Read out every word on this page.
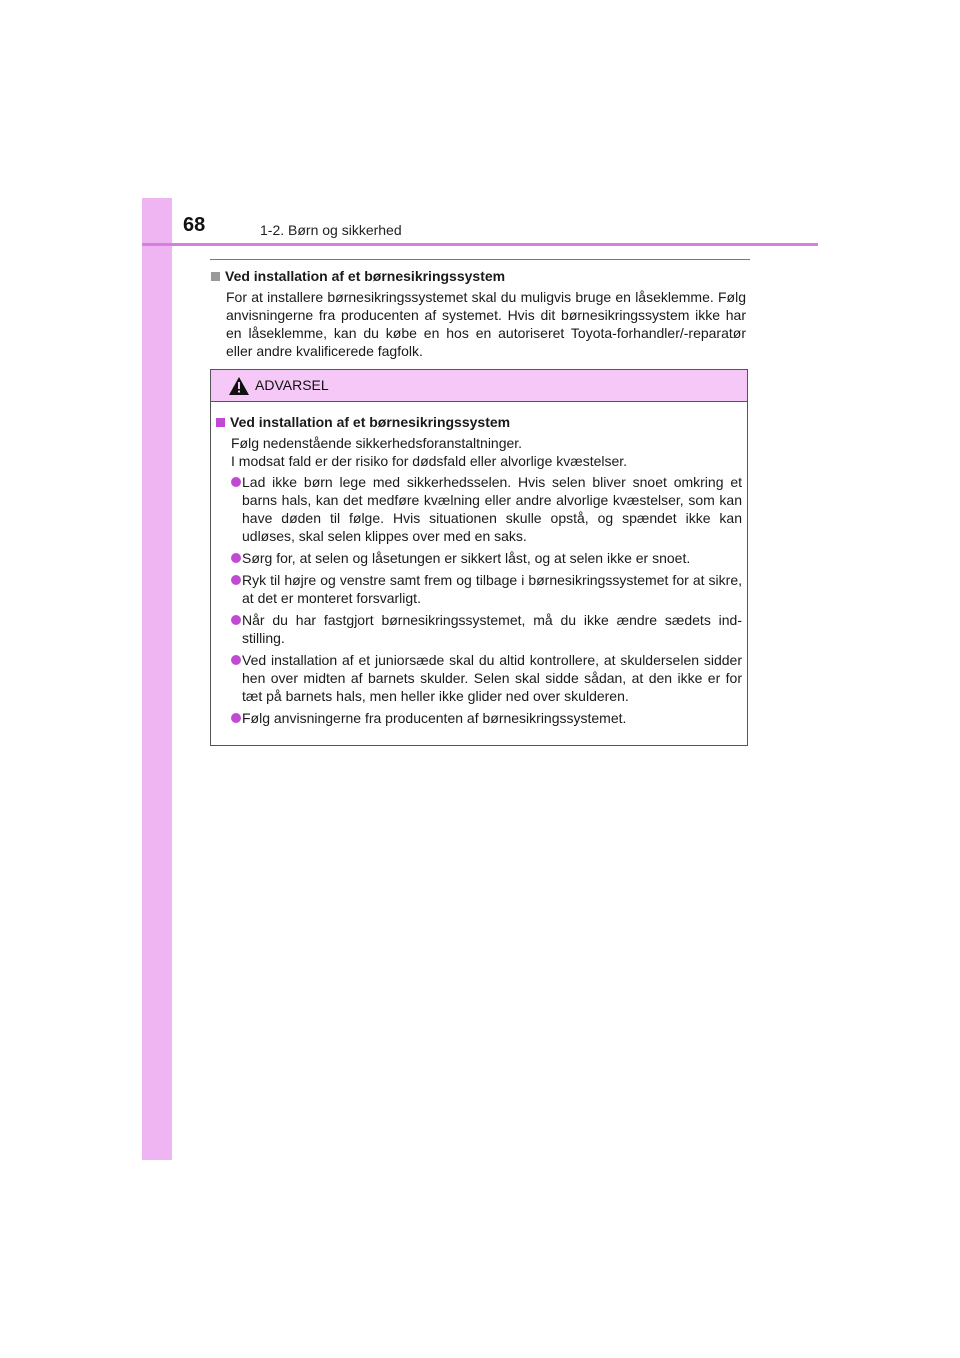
68	1-2. Børn og sikkerhed

Ved installation af et børnesikringssystem

For at installere børnesikringssystemet skal du muligvis bruge en låseklemme. Følg anvisningerne fra producenten af systemet. Hvis dit børnesikringssystem ikke har en låseklemme, kan du købe en hos en autoriseret Toyota-forhandler/-reparatør eller andre kvalificerede fagfolk.

ADVARSEL

Ved installation af et børnesikringssystem

Følg nedenstående sikkerhedsforanstaltninger.
I modsat fald er der risiko for dødsfald eller alvorlige kvæstelser.

Lad ikke børn lege med sikkerhedsselen. Hvis selen bliver snoet omkring et barns hals, kan det medføre kvælning eller andre alvorlige kvæstelser, som kan have døden til følge. Hvis situationen skulle opstå, og spændet ikke kan udløses, skal selen klippes over med en saks.
Sørg for, at selen og låsetungen er sikkert låst, og at selen ikke er snoet.
Ryk til højre og venstre samt frem og tilbage i børnesikringssystemet for at sikre, at det er monteret forsvarligt.
Når du har fastgjort børnesikringssystemet, må du ikke ændre sædets ind-stilling.
Ved installation af et juniorsæde skal du altid kontrollere, at skulderselen sidder hen over midten af barnets skulder. Selen skal sidde sådan, at den ikke er for tæt på barnets hals, men heller ikke glider ned over skulderen.
Følg anvisningerne fra producenten af børnesikringssystemet.
